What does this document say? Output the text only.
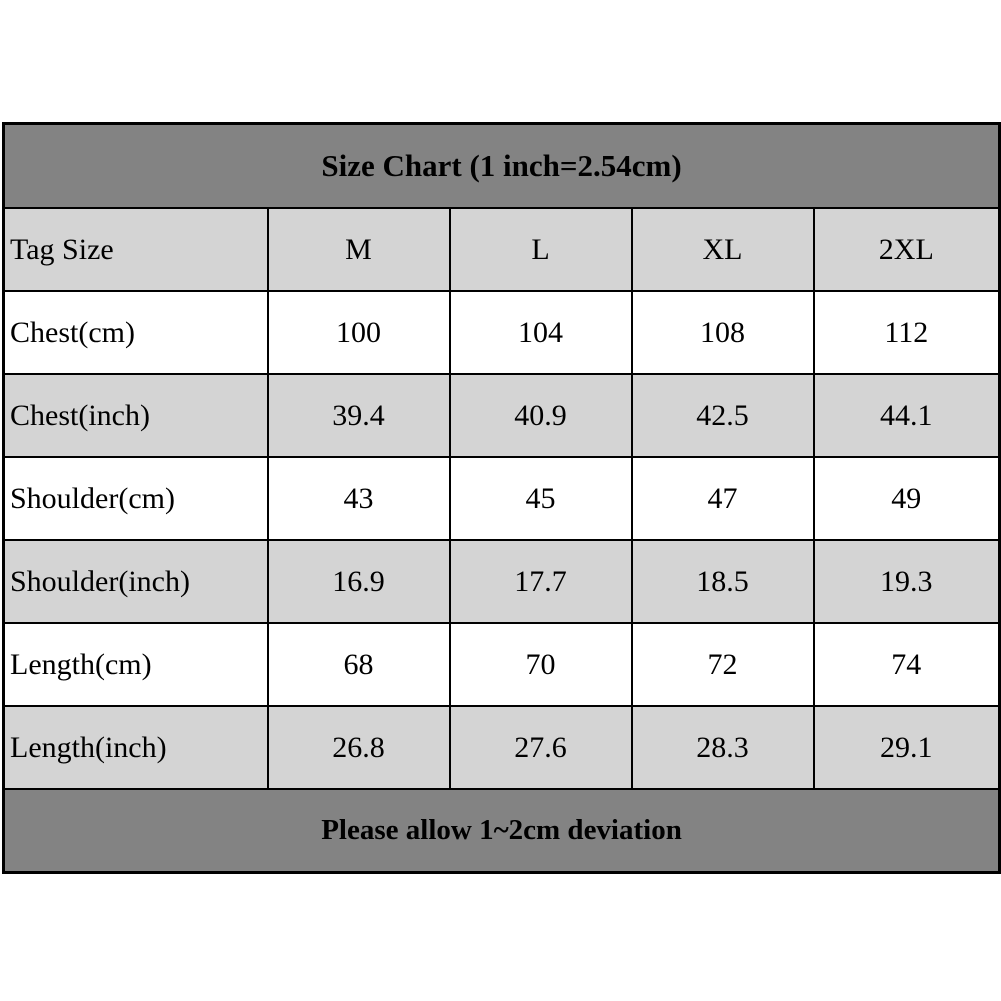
Size Chart (1 inch=2.54cm)				
Tag Size	M	L	XL	2XL
Chest(cm)	100	104	108	112
Chest(inch)	39.4	40.9	42.5	44.1
Shoulder(cm)	43	45	47	49
Shoulder(inch)	16.9	17.7	18.5	19.3
Length(cm)	68	70	72	74
Length(inch)	26.8	27.6	28.3	29.1
Please allow 1~2cm deviation				
